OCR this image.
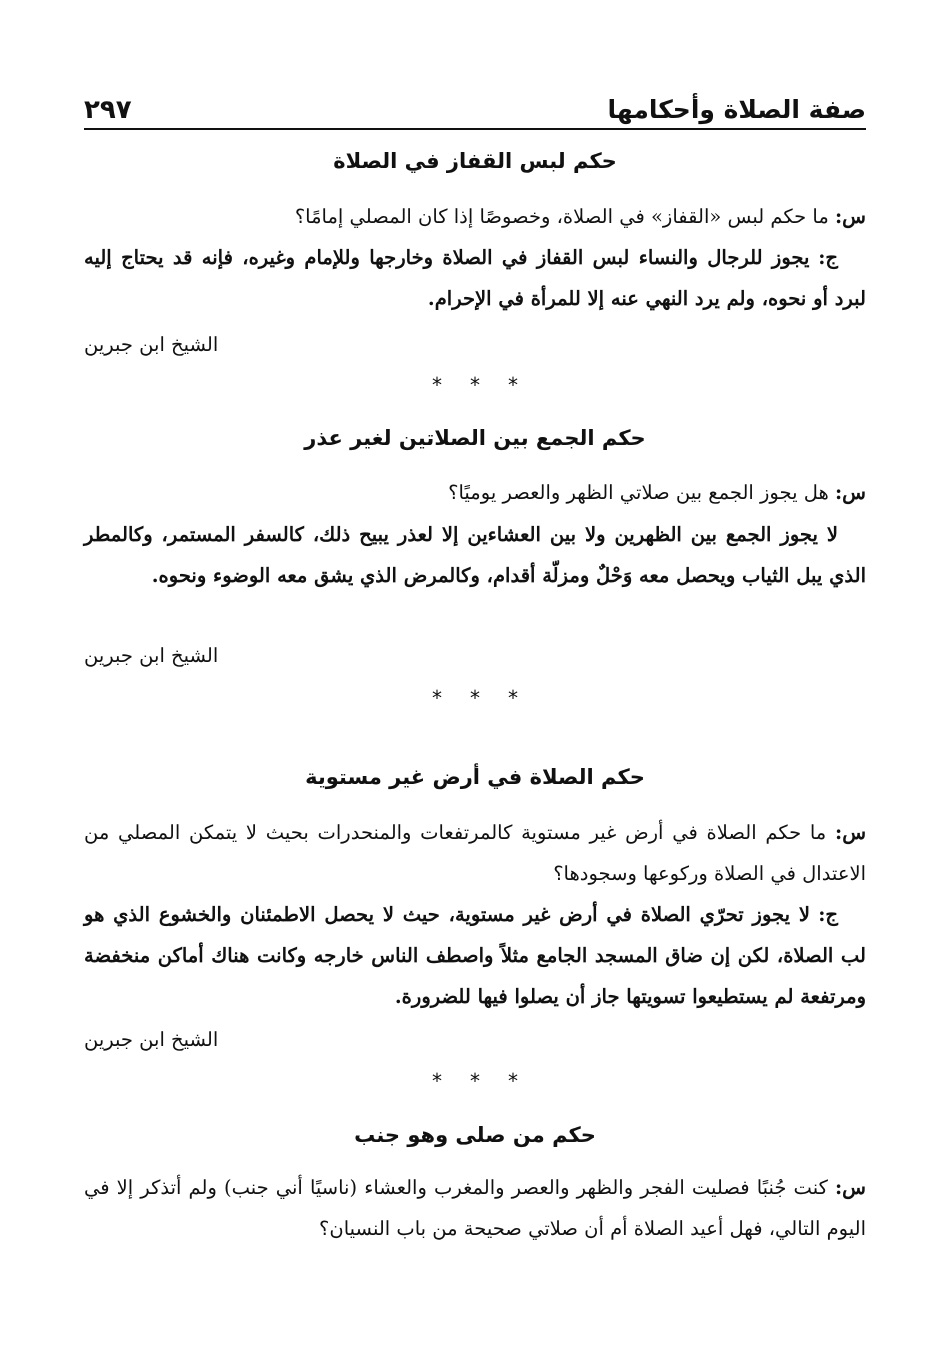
صفة الصلاة وأحكامها
٢٩٧
حكم لبس القفاز في الصلاة

س: ما حكم لبس «القفاز» في الصلاة، وخصوصًا إذا كان المصلي إمامًا؟

ج: يجوز للرجال والنساء لبس القفاز في الصلاة وخارجها وللإمام وغيره، فإنه قد يحتاج إليه لبرد أو نحوه، ولم يرد النهي عنه إلا للمرأة في الإحرام.

الشيخ ابن جبرين
***
حكم الجمع بين الصلاتين لغير عذر

س: هل يجوز الجمع بين صلاتي الظهر والعصر يوميًا؟

لا يجوز الجمع بين الظهرين ولا بين العشاءين إلا لعذر يبيح ذلك، كالسفر المستمر، وكالمطر الذي يبل الثياب ويحصل معه وَحْلٌ ومزلّة أقدام، وكالمرض الذي يشق معه الوضوء ونحوه.

الشيخ ابن جبرين
***
حكم الصلاة في أرض غير مستوية

س: ما حكم الصلاة في أرض غير مستوية كالمرتفعات والمنحدرات بحيث لا يتمكن المصلي من الاعتدال في الصلاة وركوعها وسجودها؟

ج: لا يجوز تحرّي الصلاة في أرض غير مستوية، حيث لا يحصل الاطمئنان والخشوع الذي هو لب الصلاة، لكن إن ضاق المسجد الجامع مثلاً واصطف الناس خارجه وكانت هناك أماكن منخفضة ومرتفعة لم يستطيعوا تسويتها جاز أن يصلوا فيها للضرورة.

الشيخ ابن جبرين
***
حكم من صلى وهو جنب

س: كنت جُنبًا فصليت الفجر والظهر والعصر والمغرب والعشاء (ناسيًا أني جنب) ولم أتذكر إلا في اليوم التالي، فهل أعيد الصلاة أم أن صلاتي صحيحة من باب النسيان؟
